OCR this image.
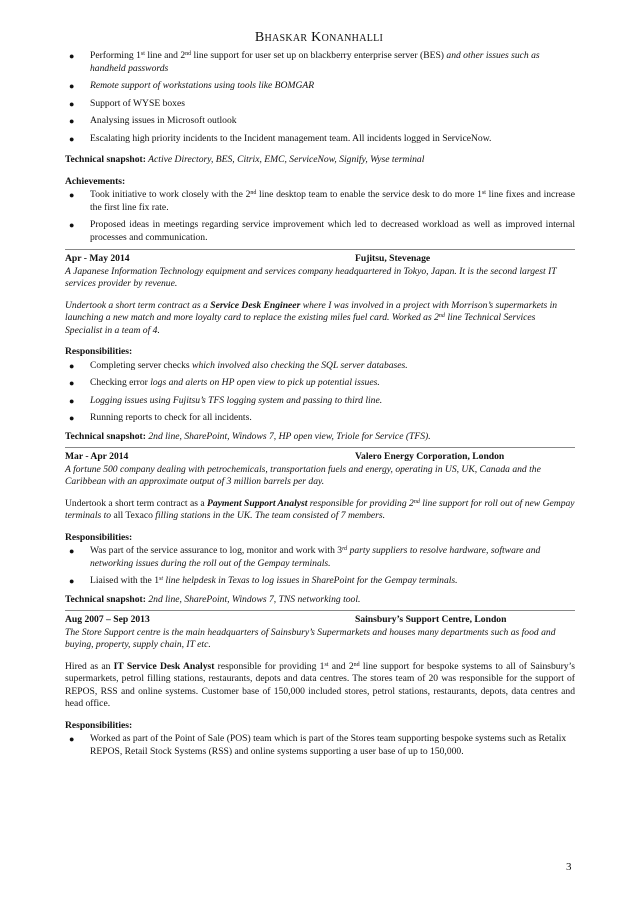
Bhaskar Konanhalli
● Performing 1st line and 2nd line support for user set up on blackberry enterprise server (BES) and other issues such as handheld passwords
● Remote support of workstations using tools like BOMGAR
● Support of WYSE boxes
● Analysing issues in Microsoft outlook
● Escalating high priority incidents to the Incident management team. All incidents logged in ServiceNow.
Technical snapshot: Active Directory, BES, Citrix, EMC, ServiceNow, Signify, Wyse terminal
Achievements:
● Took initiative to work closely with the 2nd line desktop team to enable the service desk to do more 1st line fixes and increase the first line fix rate.
● Proposed ideas in meetings regarding service improvement which led to decreased workload as well as improved internal processes and communication.
Apr - May 2014	Fujitsu, Stevenage
A Japanese Information Technology equipment and services company headquartered in Tokyo, Japan. It is the second largest IT services provider by revenue.
Undertook a short term contract as a Service Desk Engineer where I was involved in a project with Morrison’s supermarkets in launching a new match and more loyalty card to replace the existing miles fuel card. Worked as 2nd line Technical Services Specialist in a team of 4.
Responsibilities:
● Completing server checks which involved also checking the SQL server databases.
● Checking error logs and alerts on HP open view to pick up potential issues.
● Logging issues using Fujitsu’s TFS logging system and passing to third line.
● Running reports to check for all incidents.
Technical snapshot: 2nd line, SharePoint, Windows 7, HP open view, Triole for Service (TFS).
Mar - Apr 2014	Valero Energy Corporation, London
A fortune 500 company dealing with petrochemicals, transportation fuels and energy, operating in US, UK, Canada and the Caribbean with an approximate output of 3 million barrels per day.
Undertook a short term contract as a Payment Support Analyst responsible for providing 2nd line support for roll out of new Gempay terminals to all Texaco filling stations in the UK. The team consisted of 7 members.
Responsibilities:
● Was part of the service assurance to log, monitor and work with 3rd party suppliers to resolve hardware, software and networking issues during the roll out of the Gempay terminals.
● Liaised with the 1st line helpdesk in Texas to log issues in SharePoint for the Gempay terminals.
Technical snapshot: 2nd line, SharePoint, Windows 7, TNS networking tool.
Aug 2007 – Sep 2013	Sainsbury’s Support Centre, London
The Store Support centre is the main headquarters of Sainsbury’s Supermarkets and houses many departments such as food and buying, property, supply chain, IT etc.
Hired as an IT Service Desk Analyst responsible for providing 1st and 2nd line support for bespoke systems to all of Sainsbury’s supermarkets, petrol filling stations, restaurants, depots and data centres. The stores team of 20 was responsible for the support of REPOS, RSS and online systems. Customer base of 150,000 included stores, petrol stations, restaurants, depots, data centres and head office.
Responsibilities:
● Worked as part of the Point of Sale (POS) team which is part of the Stores team supporting bespoke systems such as Retalix REPOS, Retail Stock Systems (RSS) and online systems supporting a user base of up to 150,000.
3
